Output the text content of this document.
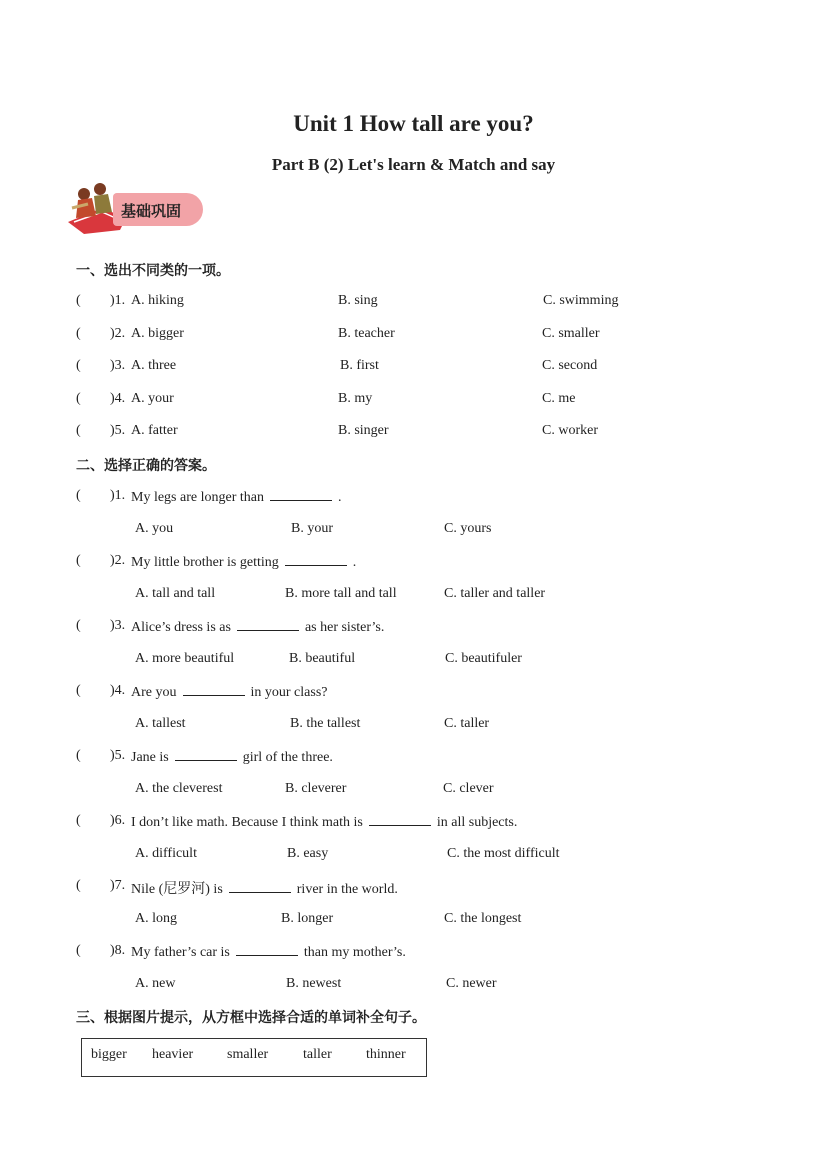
Unit 1 How tall are you?
Part B (2) Let's learn & Match and say
基础巩固
一、选出不同类的一项。
( )1. A. hiking	B. sing	C. swimming
( )2. A. bigger	B. teacher	C. smaller
( )3. A. three	B. first	C. second
( )4. A. your	B. my	C. me
( )5. A. fatter	B. singer	C. worker
二、选择正确的答案。
( )1. My legs are longer than	.
A. you	B. your	C. yours
( )2. My little brother is getting	.
A. tall and tall	B. more tall and tall	C. taller and taller
( )3. Alice’s dress is as	as her sister’s.
A. more beautiful	B. beautiful	C. beautifuler
( )4. Are you	in your class?
A. tallest	B. the tallest	C. taller
( )5. Jane is	girl of the three.
A. the cleverest	B. cleverer	C. clever
( )6. I don’t like math. Because I think math is	in all subjects.
A. difficult	B. easy	C. the most difficult
( )7. Nile (尼罗河) is	river in the world.
A. long	B. longer	C. the longest
( )8. My father’s car is	than my mother’s.
A. new	B. newest	C. newer
三、根据图片提示，从方框中选择合适的单词补全句子。
bigger heavier smaller taller thinner
